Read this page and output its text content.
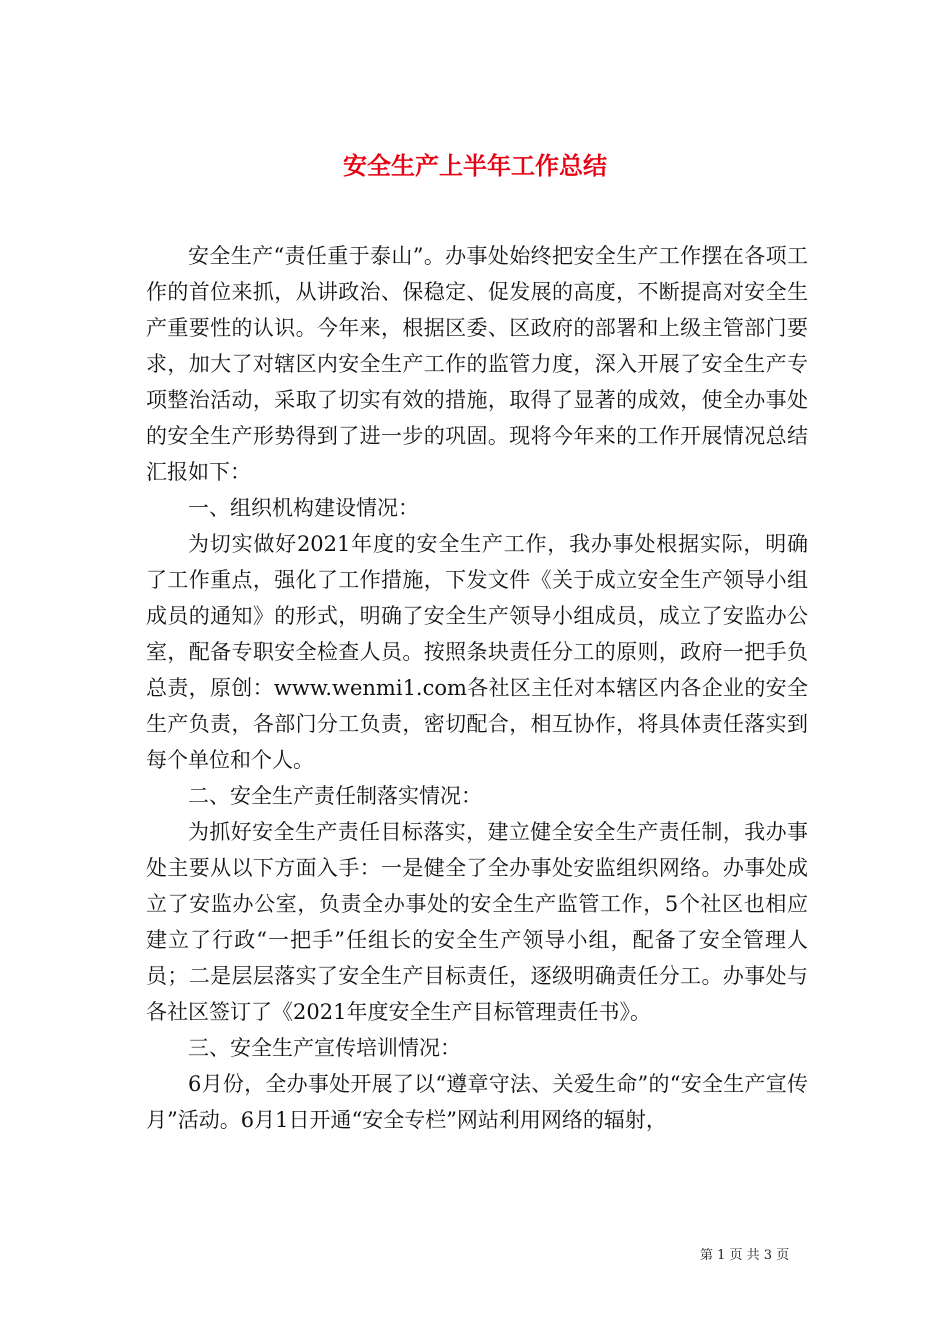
安全生产上半年工作总结

安全生产“责任重于泰山”。办事处始终把安全生产工作摆在各项工作的首位来抓，从讲政治、保稳定、促发展的高度，不断提高对安全生产重要性的认识。今年来，根据区委、区政府的部署和上级主管部门要求，加大了对辖区内安全生产工作的监管力度，深入开展了安全生产专项整治活动，采取了切实有效的措施，取得了显著的成效，使全办事处的安全生产形势得到了进一步的巩固。现将今年来的工作开展情况总结汇报如下：

一、组织机构建设情况：

为切实做好2021年度的安全生产工作，我办事处根据实际，明确了工作重点，强化了工作措施，下发文件《关于成立安全生产领导小组成员的通知》的形式，明确了安全生产领导小组成员，成立了安监办公室，配备专职安全检查人员。按照条块责任分工的原则，政府一把手负总责，原创：www.wenmi1.com各社区主任对本辖区内各企业的安全生产负责，各部门分工负责，密切配合，相互协作，将具体责任落实到每个单位和个人。

二、安全生产责任制落实情况：

为抓好安全生产责任目标落实，建立健全安全生产责任制，我办事处主要从以下方面入手：一是健全了全办事处安监组织网络。办事处成立了安监办公室，负责全办事处的安全生产监管工作，5个社区也相应建立了行政“一把手”任组长的安全生产领导小组，配备了安全管理人员；二是层层落实了安全生产目标责任，逐级明确责任分工。办事处与各社区签订了《2021年度安全生产目标管理责任书》。

三、安全生产宣传培训情况：

6月份，全办事处开展了以“遵章守法、关爱生命”的“安全生产宣传月”活动。6月1日开通“安全专栏”网站利用网络的辐射，

第 1 页 共 3 页
